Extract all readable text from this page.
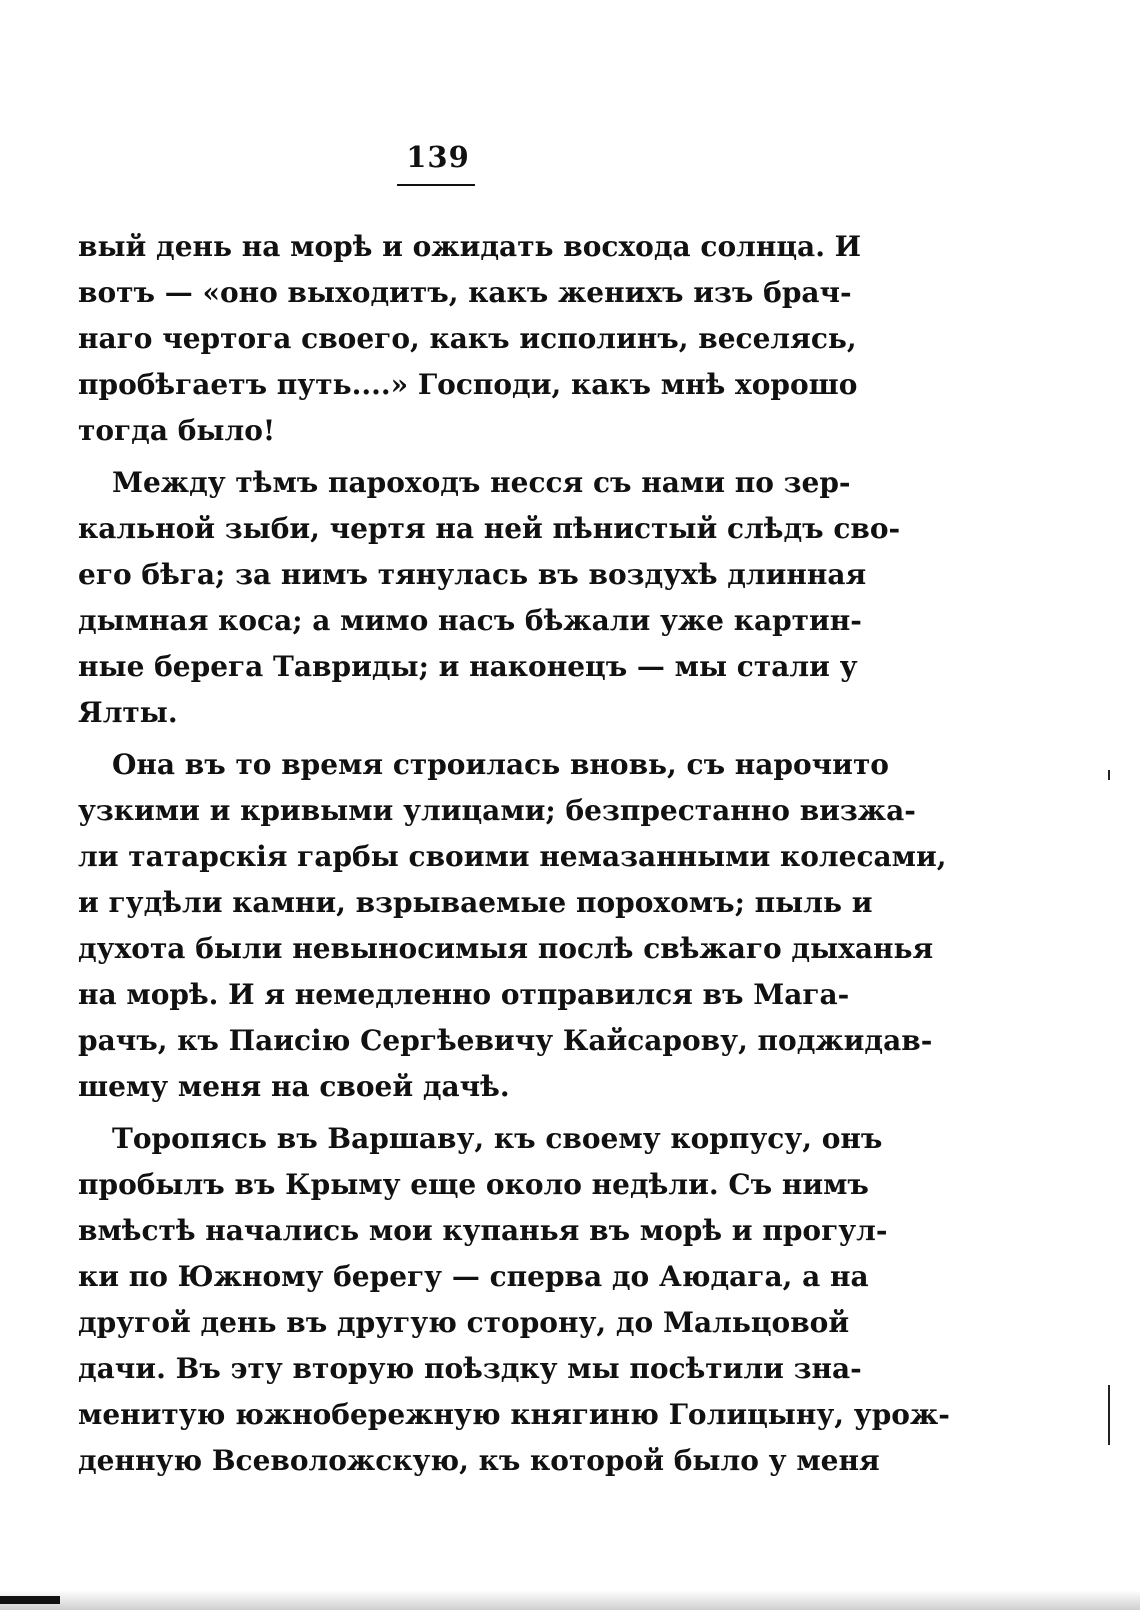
139
вый день на морѣ и ожидать восхода солнца. И
вотъ — «оно выходитъ, какъ женихъ изъ брач-
наго чертога своего, какъ исполинъ, веселясь,
пробѣгаетъ путь....» Господи, какъ мнѣ хорошо
тогда было!
Между тѣмъ пароходъ несся съ нами по зер-
кальной зыби, чертя на ней пѣнистый слѣдъ сво-
его бѣга; за нимъ тянулась въ воздухѣ длинная
дымная коса; а мимо насъ бѣжали уже картин-
ные берега Тавриды; и наконецъ — мы стали у
Ялты.
Она въ то время строилась вновь, съ нарочито
узкими и кривыми улицами; безпрестанно визжа-
ли татарскія гарбы своими немазанными колесами,
и гудѣли камни, взрываемые порохомъ; пыль и
духота были невыносимыя послѣ свѣжаго дыханья
на морѣ. И я немедленно отправился въ Мага-
рачъ, къ Паисію Сергѣевичу Кайсарову, поджидав-
шему меня на своей дачѣ.
Торопясь въ Варшаву, къ своему корпусу, онъ
пробылъ въ Крыму еще около недѣли. Съ нимъ
вмѣстѣ начались мои купанья въ морѣ и прогул-
ки по Южному берегу — сперва до Аюдага, а на
другой день въ другую сторону, до Мальцовой
дачи. Въ эту вторую поѣздку мы посѣтили зна-
менитую южнобережную княгиню Голицыну, урож-
денную Всеволожскую, къ которой было у меня
